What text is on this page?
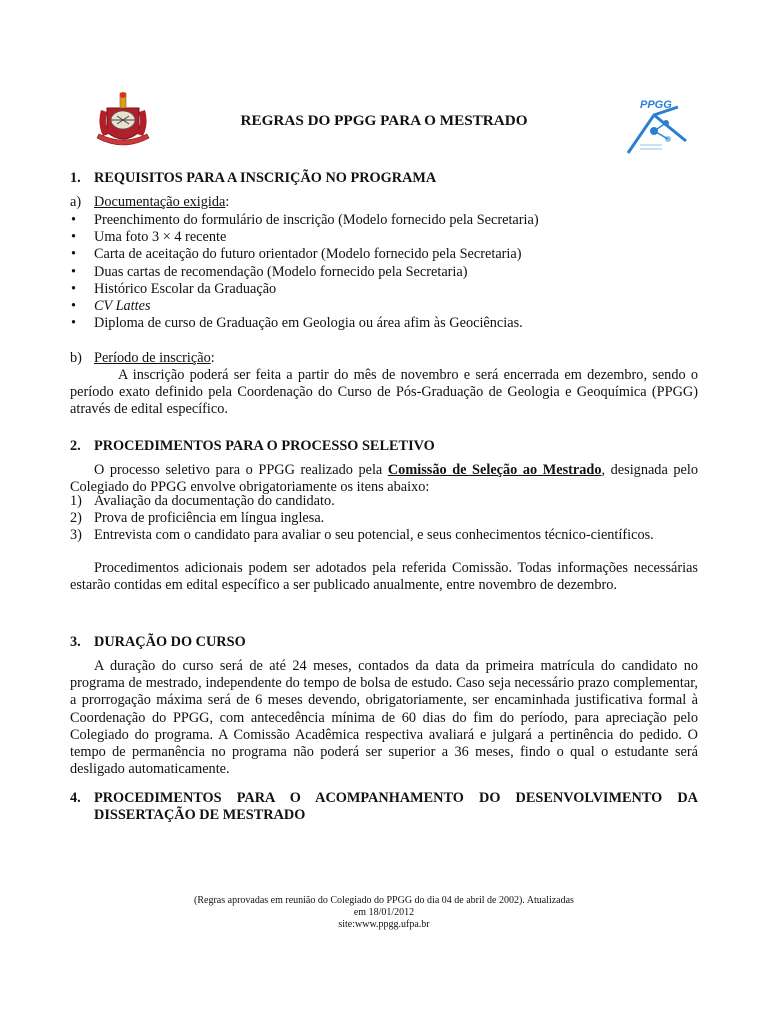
PPGG
REGRAS DO PPGG PARA O MESTRADO
1. REQUISITOS PARA A INSCRIÇÃO NO PROGRAMA
a) Documentação exigida:
• Preenchimento do formulário de inscrição (Modelo fornecido pela Secretaria)
• Uma foto 3 × 4 recente
• Carta de aceitação do futuro orientador (Modelo fornecido pela Secretaria)
• Duas cartas de recomendação (Modelo fornecido pela Secretaria)
• Histórico Escolar da Graduação
• CV Lattes
• Diploma de curso de Graduação em Geologia ou área afim às Geociências.
b) Período de inscrição:
A inscrição poderá ser feita a partir do mês de novembro e será encerrada em dezembro, sendo o período exato definido pela Coordenação do Curso de Pós-Graduação de Geologia e Geoquímica (PPGG) através de edital específico.
2. PROCEDIMENTOS PARA O PROCESSO SELETIVO
O processo seletivo para o PPGG realizado pela Comissão de Seleção ao Mestrado, designada pelo Colegiado do PPGG envolve obrigatoriamente os itens abaixo:
1) Avaliação da documentação do candidato.
2) Prova de proficiência em língua inglesa.
3) Entrevista com o candidato para avaliar o seu potencial, e seus conhecimentos técnico-científicos.
Procedimentos adicionais podem ser adotados pela referida Comissão. Todas informações necessárias estarão contidas em edital específico a ser publicado anualmente, entre novembro de dezembro.
3. DURAÇÃO DO CURSO
A duração do curso será de até 24 meses, contados da data da primeira matrícula do candidato no programa de mestrado, independente do tempo de bolsa de estudo. Caso seja necessário prazo complementar, a prorrogação máxima será de 6 meses devendo, obrigatoriamente, ser encaminhada justificativa formal à Coordenação do PPGG, com antecedência mínima de 60 dias do fim do período, para apreciação pelo Colegiado do programa. A Comissão Acadêmica respectiva avaliará e julgará a pertinência do pedido. O tempo de permanência no programa não poderá ser superior a 36 meses, findo o qual o estudante será desligado automaticamente.
4. PROCEDIMENTOS PARA O ACOMPANHAMENTO DO DESENVOLVIMENTO DA
DISSERTAÇÃO DE MESTRADO
(Regras aprovadas em reunião do Colegiado do PPGG do dia 04 de abril de 2002). Atualizadas
em 18/01/2012
site:www.ppgg.ufpa.br
